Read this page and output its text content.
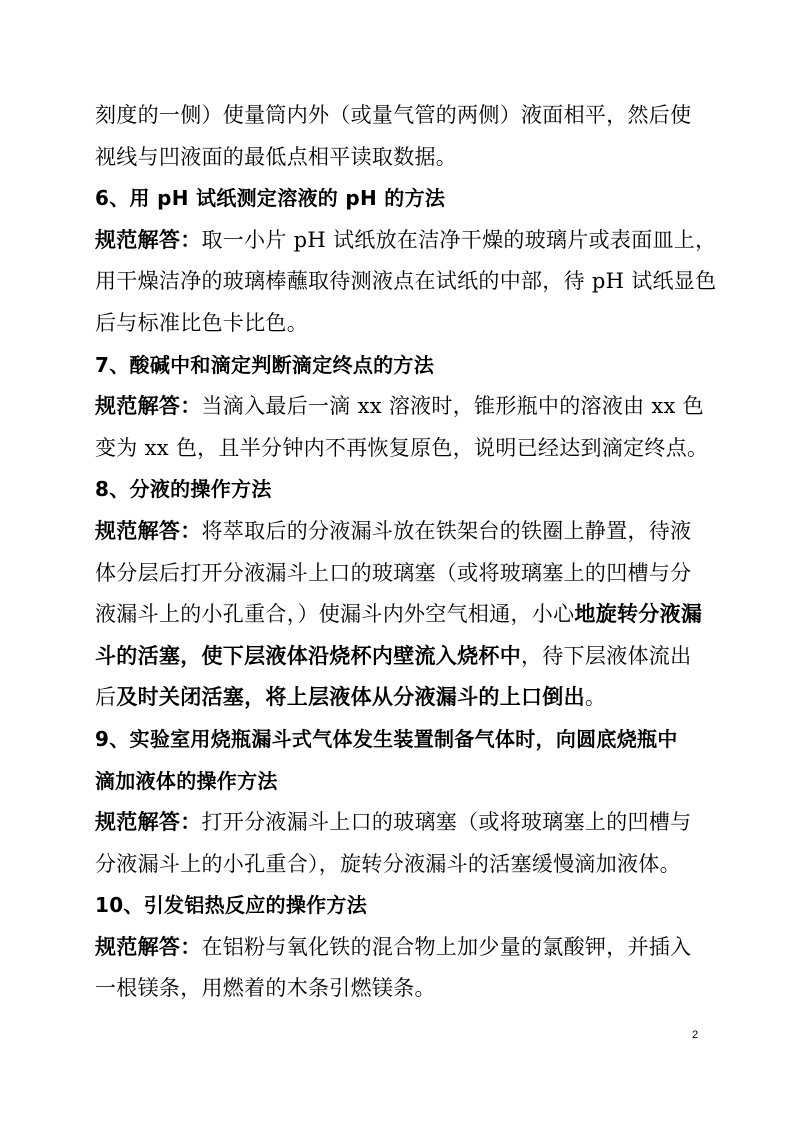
刻度的一侧）使量筒内外（或量气管的两侧）液面相平，然后使
视线与凹液面的最低点相平读取数据。
6、用 pH 试纸测定溶液的 pH 的方法
规范解答：取一小片 pH 试纸放在洁净干燥的玻璃片或表面皿上，
用干燥洁净的玻璃棒蘸取待测液点在试纸的中部，待 pH 试纸显色
后与标准比色卡比色。
7、酸碱中和滴定判断滴定终点的方法
规范解答：当滴入最后一滴 xx 溶液时，锥形瓶中的溶液由 xx 色
变为 xx 色，且半分钟内不再恢复原色，说明已经达到滴定终点。
8、分液的操作方法
规范解答：将萃取后的分液漏斗放在铁架台的铁圈上静置，待液
体分层后打开分液漏斗上口的玻璃塞（或将玻璃塞上的凹槽与分
液漏斗上的小孔重合，）使漏斗内外空气相通，小心地旋转分液漏
斗的活塞，使下层液体沿烧杯内壁流入烧杯中，待下层液体流出
后及时关闭活塞，将上层液体从分液漏斗的上口倒出。
9、实验室用烧瓶漏斗式气体发生装置制备气体时，向圆底烧瓶中
滴加液体的操作方法
规范解答：打开分液漏斗上口的玻璃塞（或将玻璃塞上的凹槽与
分液漏斗上的小孔重合），旋转分液漏斗的活塞缓慢滴加液体。
10、引发铝热反应的操作方法
规范解答：在铝粉与氧化铁的混合物上加少量的氯酸钾，并插入
一根镁条，用燃着的木条引燃镁条。
2
